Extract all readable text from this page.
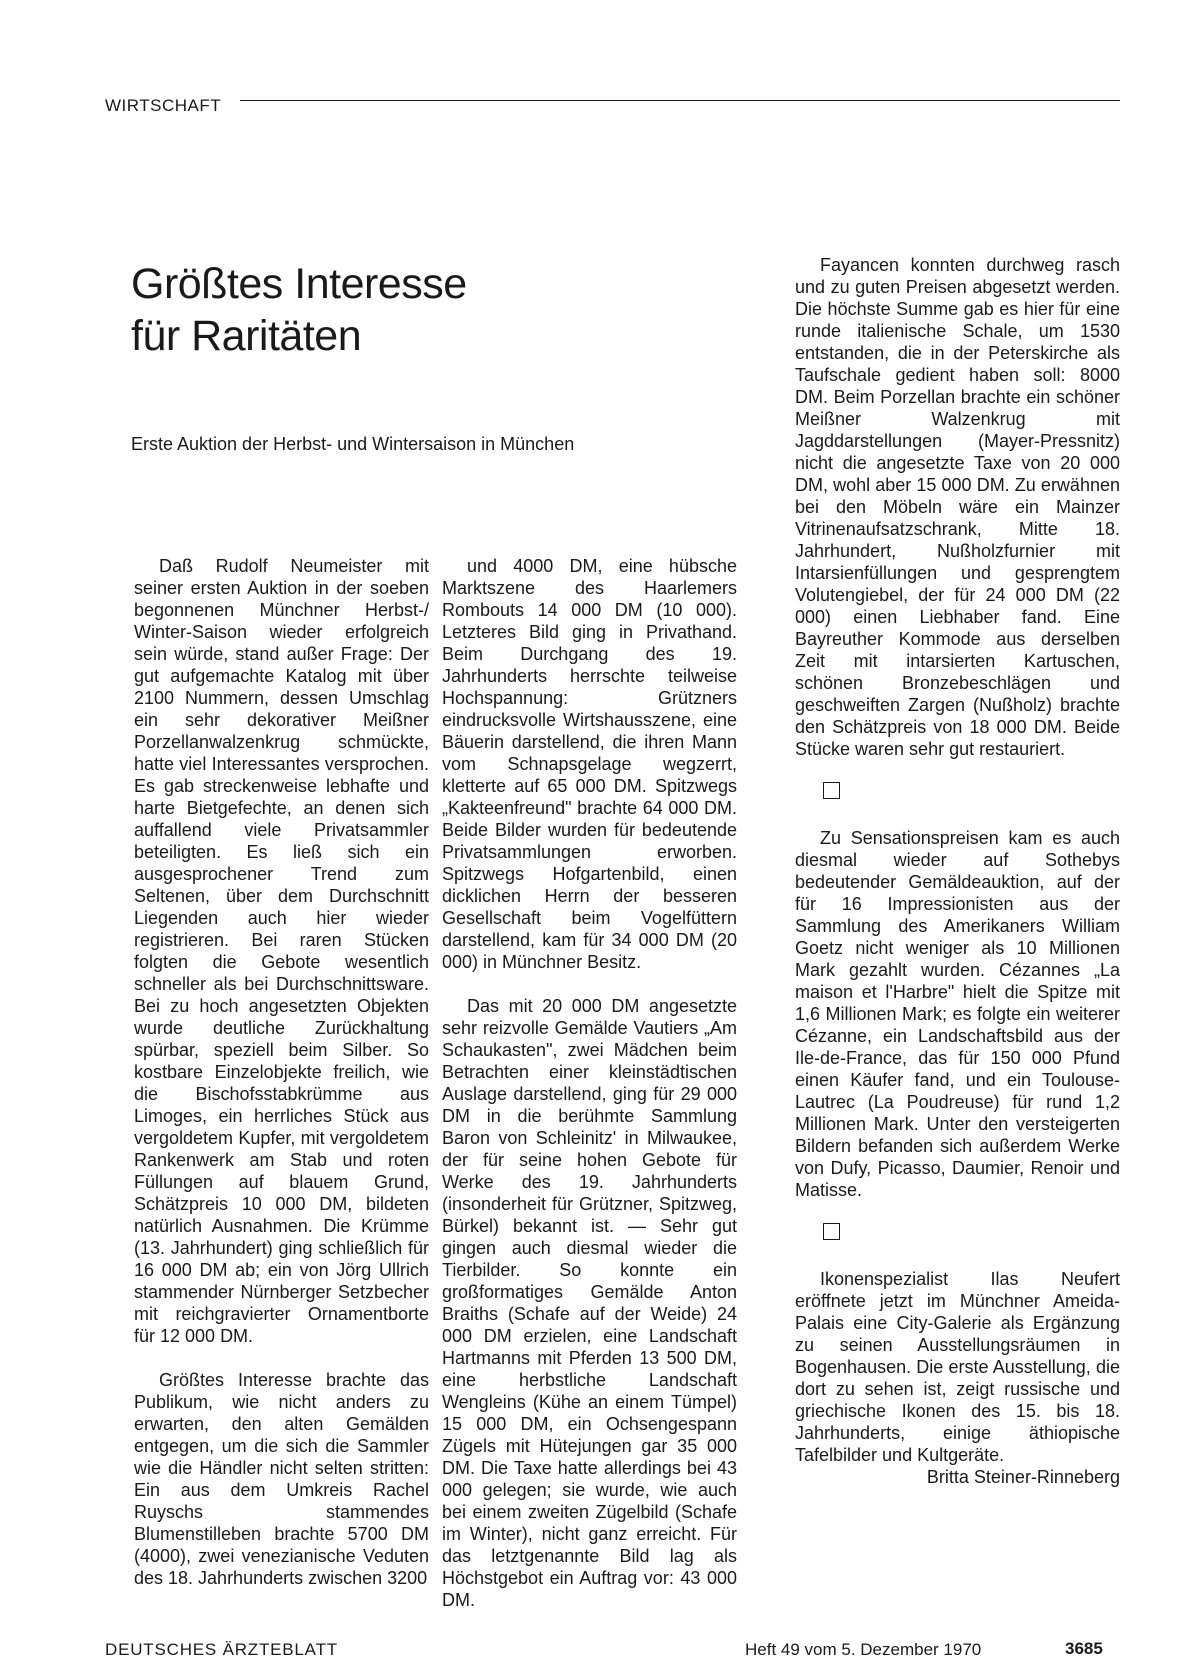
WIRTSCHAFT
Größtes Interesse
für Raritäten
Erste Auktion der Herbst- und Wintersaison in München

Daß Rudolf Neumeister mit seiner ersten Auktion in der soeben begonnenen Münchner Herbst-/ Winter-Saison wieder erfolgreich sein würde, stand außer Frage: Der gut aufgemachte Katalog mit über 2100 Nummern, dessen Umschlag ein sehr dekorativer Meißner Porzellanwalzenkrug schmückte, hatte viel Interessantes versprochen. Es gab streckenweise lebhafte und harte Bietgefechte, an denen sich auffallend viele Privatsammler beteiligten. Es ließ sich ein ausgesprochener Trend zum Seltenen, über dem Durchschnitt Liegenden auch hier wieder registrieren. Bei raren Stücken folgten die Gebote wesentlich schneller als bei Durchschnittsware. Bei zu hoch angesetzten Objekten wurde deutliche Zurückhaltung spürbar, speziell beim Silber. So kostbare Einzelobjekte freilich, wie die Bischofsstabkrümme aus Limoges, ein herrliches Stück aus vergoldetem Kupfer, mit vergoldetem Rankenwerk am Stab und roten Füllungen auf blauem Grund, Schätzpreis 10 000 DM, bildeten natürlich Ausnahmen. Die Krümme (13. Jahrhundert) ging schließlich für 16 000 DM ab; ein von Jörg Ullrich stammender Nürnberger Setzbecher mit reichgravierter Ornamentborte für 12 000 DM.

Größtes Interesse brachte das Publikum, wie nicht anders zu erwarten, den alten Gemälden entgegen, um die sich die Sammler wie die Händler nicht selten stritten: Ein aus dem Umkreis Rachel Ruyschs stammendes Blumenstilleben brachte 5700 DM (4000), zwei venezianische Veduten des 18. Jahrhunderts zwischen 3200

und 4000 DM, eine hübsche Marktszene des Haarlemers Rombouts 14 000 DM (10 000). Letzteres Bild ging in Privathand. Beim Durchgang des 19. Jahrhunderts herrschte teilweise Hochspannung: Grützners eindrucksvolle Wirtshausszene, eine Bäuerin darstellend, die ihren Mann vom Schnapsgelage wegzerrt, kletterte auf 65 000 DM. Spitzwegs „Kakteenfreund" brachte 64 000 DM. Beide Bilder wurden für bedeutende Privatsammlungen erworben. Spitzwegs Hofgartenbild, einen dicklichen Herrn der besseren Gesellschaft beim Vogelfüttern darstellend, kam für 34 000 DM (20 000) in Münchner Besitz.

Das mit 20 000 DM angesetzte sehr reizvolle Gemälde Vautiers „Am Schaukasten", zwei Mädchen beim Betrachten einer kleinstädtischen Auslage darstellend, ging für 29 000 DM in die berühmte Sammlung Baron von Schleinitz' in Milwaukee, der für seine hohen Gebote für Werke des 19. Jahrhunderts (insonderheit für Grützner, Spitzweg, Bürkel) bekannt ist. — Sehr gut gingen auch diesmal wieder die Tierbilder. So konnte ein großformatiges Gemälde Anton Braiths (Schafe auf der Weide) 24 000 DM erzielen, eine Landschaft Hartmanns mit Pferden 13 500 DM, eine herbstliche Landschaft Wengleins (Kühe an einem Tümpel) 15 000 DM, ein Ochsengespann Zügels mit Hütejungen gar 35 000 DM. Die Taxe hatte allerdings bei 43 000 gelegen; sie wurde, wie auch bei einem zweiten Zügelbild (Schafe im Winter), nicht ganz erreicht. Für das letztgenannte Bild lag als Höchstgebot ein Auftrag vor: 43 000 DM.

Fayancen konnten durchweg rasch und zu guten Preisen abgesetzt werden. Die höchste Summe gab es hier für eine runde italienische Schale, um 1530 entstanden, die in der Peterskirche als Taufschale gedient haben soll: 8000 DM. Beim Porzellan brachte ein schöner Meißner Walzenkrug mit Jagddarstellungen (Mayer-Pressnitz) nicht die angesetzte Taxe von 20 000 DM, wohl aber 15 000 DM. Zu erwähnen bei den Möbeln wäre ein Mainzer Vitrinenaufsatzschrank, Mitte 18. Jahrhundert, Nußholzfurnier mit Intarsienfüllungen und gesprengtem Volutengiebel, der für 24 000 DM (22 000) einen Liebhaber fand. Eine Bayreuther Kommode aus derselben Zeit mit intarsierten Kartuschen, schönen Bronzebeschlägen und geschweiften Zargen (Nußholz) brachte den Schätzpreis von 18 000 DM. Beide Stücke waren sehr gut restauriert.

Zu Sensationspreisen kam es auch diesmal wieder auf Sothebys bedeutender Gemäldeauktion, auf der für 16 Impressionisten aus der Sammlung des Amerikaners William Goetz nicht weniger als 10 Millionen Mark gezahlt wurden. Cézannes „La maison et l'Harbre" hielt die Spitze mit 1,6 Millionen Mark; es folgte ein weiterer Cézanne, ein Landschaftsbild aus der Ile-de-France, das für 150 000 Pfund einen Käufer fand, und ein Toulouse-Lautrec (La Poudreuse) für rund 1,2 Millionen Mark. Unter den versteigerten Bildern befanden sich außerdem Werke von Dufy, Picasso, Daumier, Renoir und Matisse.

Ikonenspezialist Ilas Neufert eröffnete jetzt im Münchner Ameida-Palais eine City-Galerie als Ergänzung zu seinen Ausstellungsräumen in Bogenhausen. Die erste Ausstellung, die dort zu sehen ist, zeigt russische und griechische Ikonen des 15. bis 18. Jahrhunderts, einige äthiopische Tafelbilder und Kultgeräte.
Britta Steiner-Rinneberg

DEUTSCHES ÄRZTEBLATT	Heft 49 vom 5. Dezember 1970	3685
